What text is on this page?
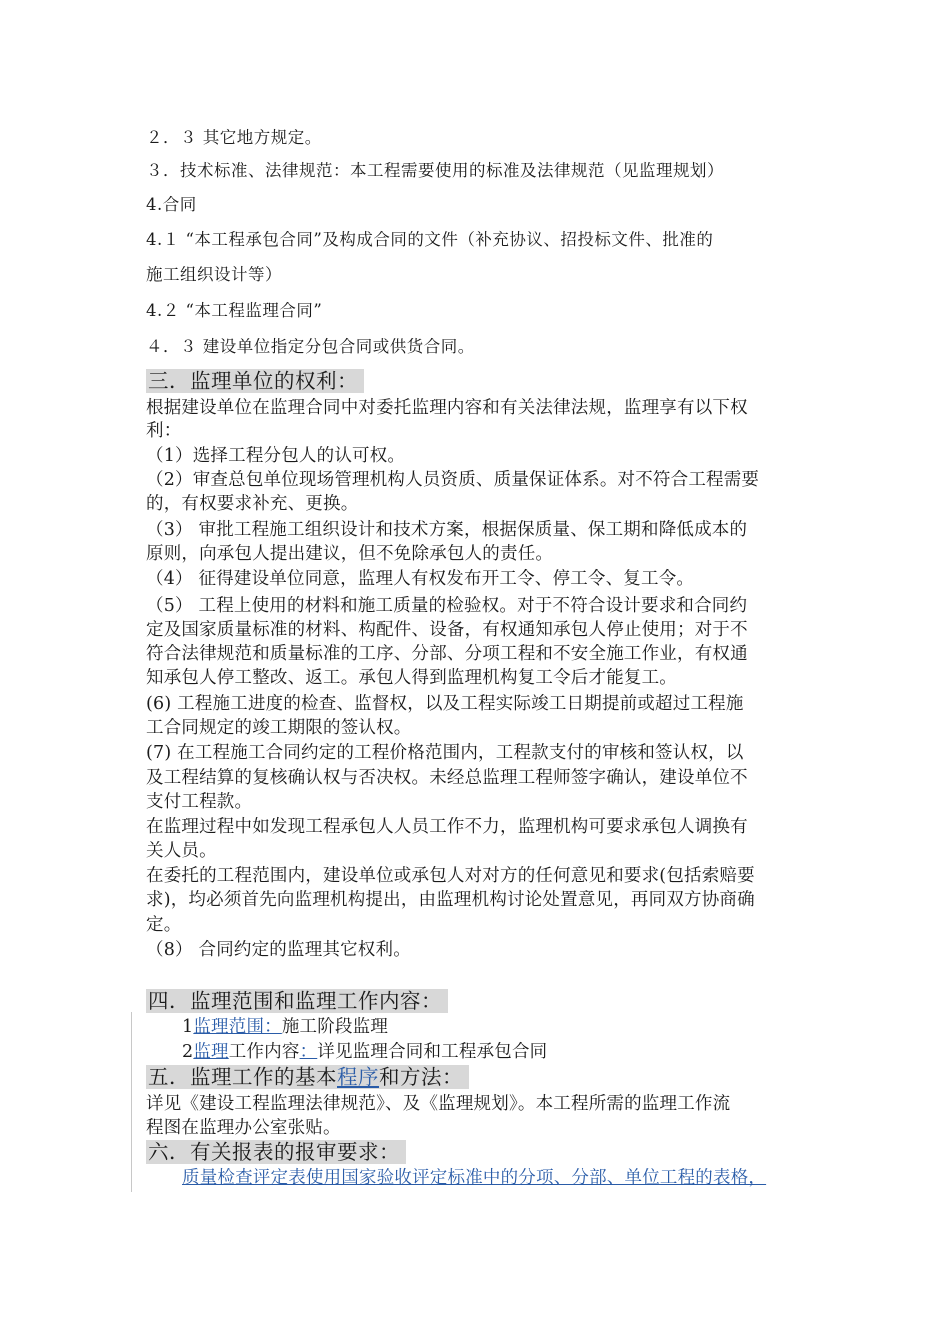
２．３ 其它地方规定。
３．技术标准、法律规范：本工程需要使用的标准及法律规范（见监理规划）
4.合同
4.１ “本工程承包合同”及构成合同的文件（补充协议、招投标文件、批准的
施工组织设计等）
4.２ “本工程监理合同”
４．３ 建设单位指定分包合同或供货合同。
三．监理单位的权利：
根据建设单位在监理合同中对委托监理内容和有关法律法规，监理享有以下权
利：
（1）选择工程分包人的认可权。
（2）审查总包单位现场管理机构人员资质、质量保证体系。对不符合工程需要
的，有权要求补充、更换。
（3） 审批工程施工组织设计和技术方案，根据保质量、保工期和降低成本的
原则，向承包人提出建议，但不免除承包人的责任。
（4） 征得建设单位同意，监理人有权发布开工令、停工令、复工令。
（5） 工程上使用的材料和施工质量的检验权。对于不符合设计要求和合同约
定及国家质量标准的材料、构配件、设备，有权通知承包人停止使用；对于不
符合法律规范和质量标准的工序、分部、分项工程和不安全施工作业，有权通
知承包人停工整改、返工。承包人得到监理机构复工令后才能复工。
(6) 工程施工进度的检查、监督权，以及工程实际竣工日期提前或超过工程施
工合同规定的竣工期限的签认权。
(7) 在工程施工合同约定的工程价格范围内，工程款支付的审核和签认权，以
及工程结算的复核确认权与否决权。未经总监理工程师签字确认，建设单位不
支付工程款。
在监理过程中如发现工程承包人人员工作不力，监理机构可要求承包人调换有
关人员。
在委托的工程范围内，建设单位或承包人对对方的任何意见和要求(包括索赔要
求)，均必须首先向监理机构提出，由监理机构讨论处置意见，再同双方协商确
定。
（8） 合同约定的监理其它权利。
四．监理范围和监理工作内容：
1监理范围：施工阶段监理
2监理工作内容：详见监理合同和工程承包合同
五．监理工作的基本程序和方法：
详见《建设工程监理法律规范》、及《监理规划》。本工程所需的监理工作流
程图在监理办公室张贴。
六．有关报表的报审要求：
质量检查评定表使用国家验收评定标准中的分项、分部、单位工程的表格，
